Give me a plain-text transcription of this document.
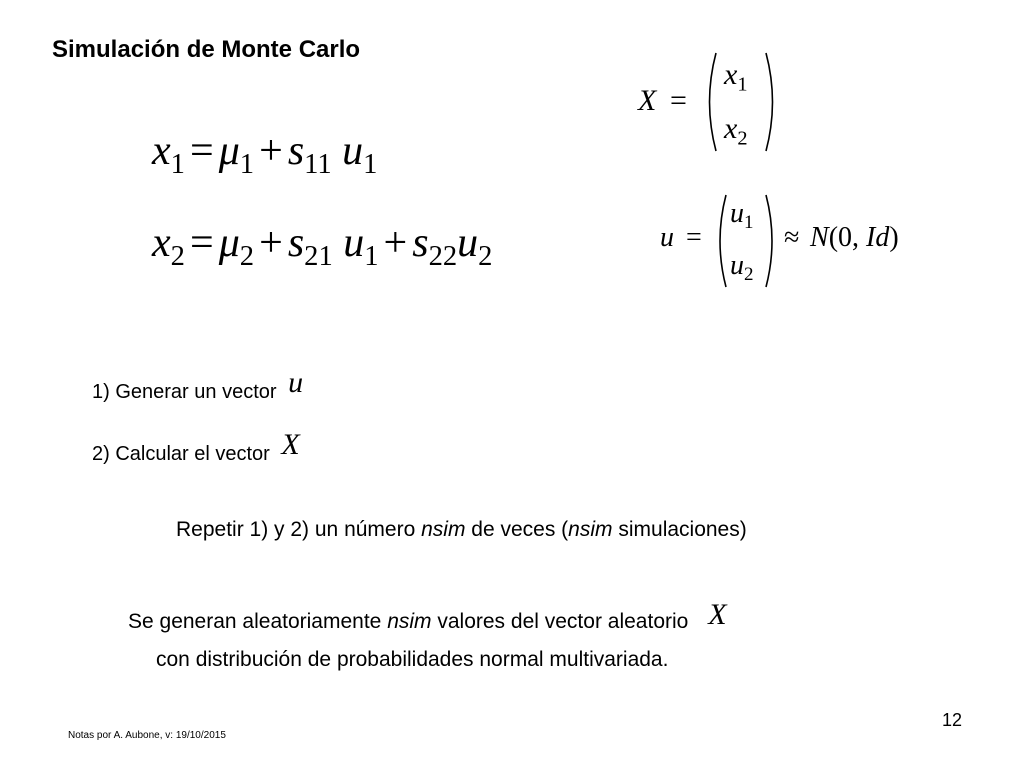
Simulación de Monte Carlo
$x_1 = \mu_1 + s_{11}$ $u_1$
$x_2 = \mu_2 + s_{21}$ $u_1 + s_{22}u_2$
X =
$x_1$
$x_2$
u =
$u_1$
$u_2$
≈ N(0, Id)
1) Generar un vector u
2) Calcular el vector X
Repetir 1) y 2) un número nsim de veces (nsim simulaciones)
Se generan aleatoriamente nsim valores del vector aleatorio X
con distribución de probabilidades normal multivariada.
12
Notas por A. Aubone, v: 19/10/2015
